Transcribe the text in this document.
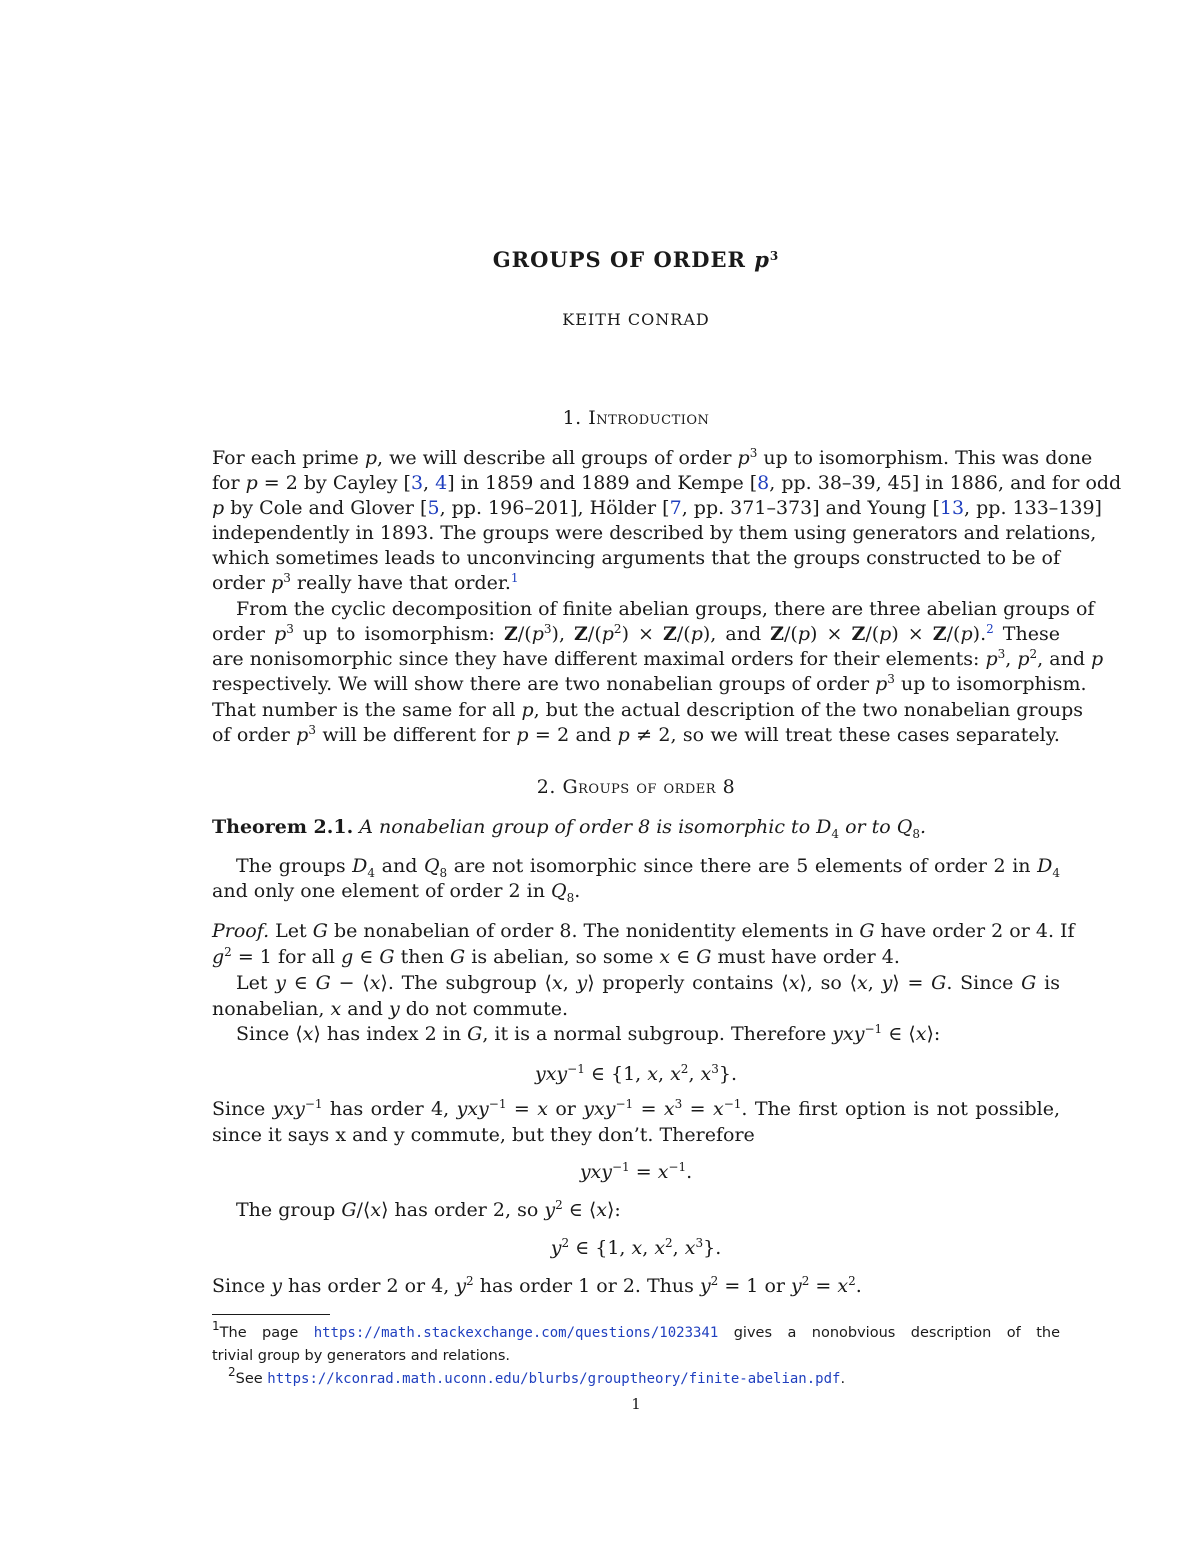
GROUPS OF ORDER $p^3$
KEITH CONRAD
1. Introduction
For each prime p, we will describe all groups of order $p^3$ up to isomorphism. This was done
for p = 2 by Cayley [3, 4] in 1859 and 1889 and Kempe [8, pp. 38–39, 45] in 1886, and for odd
p by Cole and Glover [5, pp. 196–201], Hölder [7, pp. 371–373] and Young [13, pp. 133–139]
independently in 1893. The groups were described by them using generators and relations,
which sometimes leads to unconvincing arguments that the groups constructed to be of
order $p^3$ really have that order.$^1$
From the cyclic decomposition of finite abelian groups, there are three abelian groups of
order $p^3$ up to isomorphism: $Z/(p^3)$, $Z/(p^2) \times Z/(p)$, and Z/(p) × Z/(p) × Z/(p).$^2$ These
are nonisomorphic since they have different maximal orders for their elements: $p^3$, $p^2$, and p
respectively. We will show there are two nonabelian groups of order $p^3$ up to isomorphism.
That number is the same for all p, but the actual description of the two nonabelian groups
of order $p^3$ will be different for p = 2 and p ≠ 2, so we will treat these cases separately.
2. Groups of order 8
Theorem 2.1. A nonabelian group of order 8 is isomorphic to $D_4$ or to $Q_8$.
The groups $D_4$ and $Q_8$ are not isomorphic since there are 5 elements of order 2 in $D_4$
and only one element of order 2 in $Q_8$.
Proof. Let G be nonabelian of order 8. The nonidentity elements in G have order 2 or 4. If
$g^2 = 1$ for all g ∈ G then G is abelian, so some x ∈ G must have order 4.
Let y ∈ G − ⟨x⟩. The subgroup ⟨x, y⟩ properly contains ⟨x⟩, so ⟨x, y⟩ = G. Since G is
nonabelian, x and y do not commute.
Since ⟨x⟩ has index 2 in G, it is a normal subgroup. Therefore yxy$^{-1}$ ∈ ⟨x⟩:
yxy$^{-1}$ ∈ {1, x, $x^2$, $x^3$}.
Since yxy$^{-1}$ has order 4, yxy$^{-1}$ = x or $yxy^{-1} = x^3 = x^{-1}$. The first option is not possible,
since it says x and y commute, but they don’t. Therefore
$yxy^{-1} = x^{-1}$.
The group G/⟨x⟩ has order 2, so $y^2$ ∈ ⟨x⟩:
$y^2$ ∈ {1, x, $x^2$, $x^3$}.
Since y has order 2 or 4, $y^2$ has order 1 or 2. Thus $y^2 = 1$ or $y^2 = x^2$.
$^1$The page https://math.stackexchange.com/questions/1023341 gives a nonobvious description of the
trivial group by generators and relations.
$^2$See https://kconrad.math.uconn.edu/blurbs/grouptheory/finite-abelian.pdf.
1
